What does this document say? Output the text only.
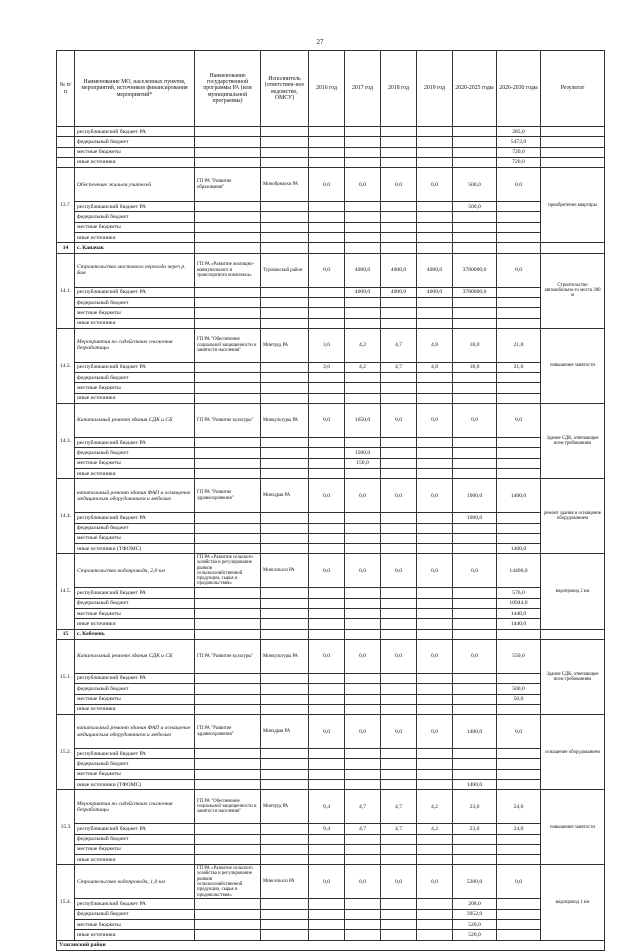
27
№ п/п	Наименование МО, населенных пунктов, мероприятий, источников финансирования мероприятий*	Наименование государственной программы РА (или муниципальной программы)	Исполнитель (ответствен-ное ведомство, ОМСУ)	2016 год	2017 год	2018 год	2019 год	2020-2025 годы	2026-2030 годы	Результат
	республиканский бюджет РА								285,0	
	федеральный бюджет								5472,0	
	местные бюджеты								720,0	
	иные источники								720,0	
13.7.	Обеспечение жильем учителей	ГП РА "Развитие образования"	Минобрнауки РА	0,0	0,0	0,0	0,0	500,0	0,0	приобретение квартиры
	республиканский бюджет РА							500,0		
	федеральный бюджет									
	местные бюджеты									
	иные источники									
14	с. Каначак									
14.1.	Строительство мостового перехода через р. Бия	ГП РА «Развитие жилищно-коммунального и транспортного комплекса»	Турочакский район	0,0	4000,0	4000,0	4000,0	3780000,0	0,0	Строительство автомобильно-го моста 300 м
	республиканский бюджет РА				4000,0	4000,0	4000,0	3780000,0		
	федеральный бюджет									
	местные бюджеты									
	иные источники									
14.2.	Мероприятия по содействию снижения безработицы	ГП РА "Обеспечение социальной защищенности и занятости населения"	Минтруд РА	3,6	4,2	4,7	4,8	18,0	21,0	повышение занятости
	республиканский бюджет РА			3,6	4,2	4,7	4,8	18,0	21,0	
	федеральный бюджет									
	местные бюджеты									
	иные источники									
14.3.	Капитальный ремонт здания СДК и СБ	ГП РА "Развитие культуры"	Минкультуры РА	0,0	1650,0	0,0	0,0	0,0	0,0	Здание СДК, отвечающее всем требованиям
	республиканский бюджет РА									
	федеральный бюджет				1500,0					
	местные бюджеты				150,0					
	иные источники									
14.4.	капитальный ремонт здания ФАП и оснащение медицинским оборудованием и мебелью	ГП РА "Развитие здравоохранения"	Минздрав РА	0,0	0,0	0,0	0,0	1000,0	1400,0	ремонт здания и оснащение оборудованием
	республиканский бюджет РА							1000,0		
	федеральный бюджет									
	местные бюджеты									
	иные источники (ТФОМС)								1400,0	
14.5.	Строительство водопровода, 2,0 км	ГП РА «Развитие сельского хозяйства и регулирование рынков сельскохозяйственной продукции, сырья и продовольствия»	Минсельхоз РА	0,0	0,0	0,0	0,0	0,0	14400,0	водопровод 2 км
	республиканский бюджет РА								576,0	
	федеральный бюджет								10944,0	
	местные бюджеты								1440,0	
	иные источники								1440,0	
15	с. Кебезень									
15.1.	Капитальный ремонт здания СДК и СБ	ГП РА "Развитие культуры"	Минкультуры РА	0,0	0,0	0,0	0,0	0,0	550,0	Здание СДК, отвечающее всем требованиям
	республиканский бюджет РА									
	федеральный бюджет								500,0	
	местные бюджеты								50,0	
	иные источники									
15.2.	капитальный ремонт здания ФАП и оснащение медицинским оборудованием и мебелью	ГП РА "Развитие здравоохранения"	Минздрав РА	0,0	0,0	0,0	0,0	1400,0	0,0	оснащение оборудованием
	республиканский бюджет РА									
	федеральный бюджет									
	местные бюджеты									
	иные источники (ТФОМС)							1400,0		
15.3	Мероприятия по содействию снижения безработицы	ГП РА "Обеспечение социальной защищенности и занятости населения"	Минтруд РА	9,4	4,7	4,7	4,2	23,0	24,0	повышение занятости
	республиканский бюджет РА			9,4	4,7	4,7	4,2	23,0	24,0	
	федеральный бюджет									
	местные бюджеты									
	иные источники									
15.4.	Строительство водопровода, 1,0 км	ГП РА «Развитие сельского хозяйства и регулирование рынков сельскохозяйственной продукции, сырья и продовольствия»	Минсельхоз РА	0,0	0,0	0,0	0,0	5200,0	0,0	водопровод 1 км
	республиканский бюджет РА							208,0		
	федеральный бюджет							3952,0		
	местные бюджеты							520,0		
	иные источники							520,0		
Улаганский район										
